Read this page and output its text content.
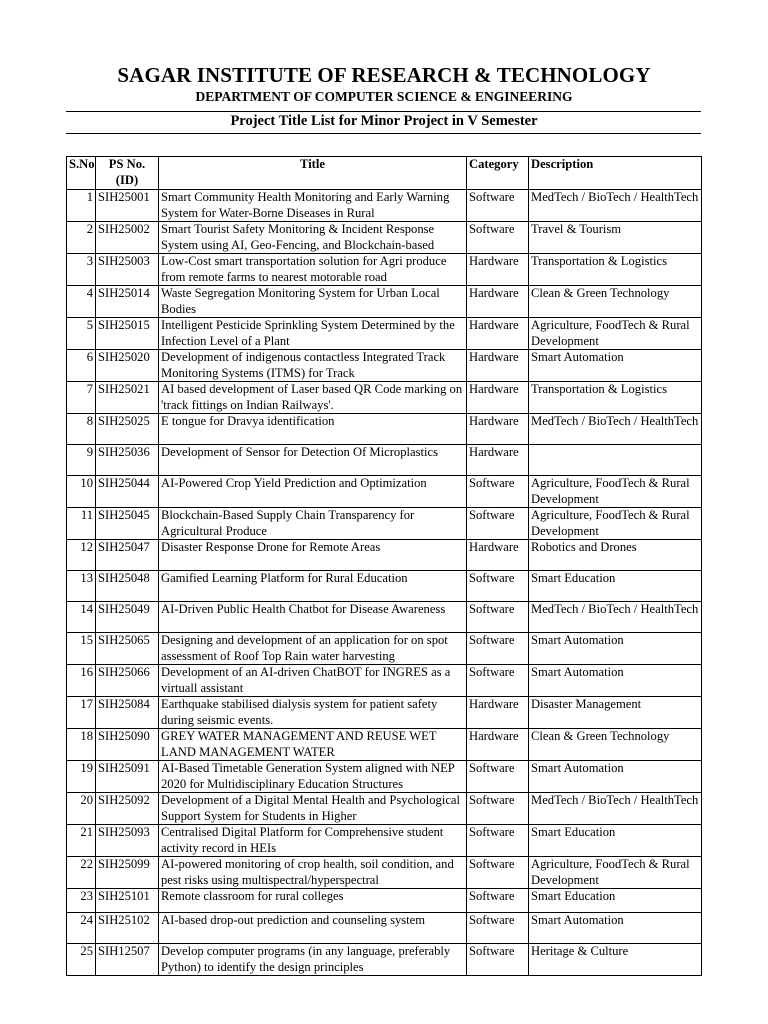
SAGAR INSTITUTE OF RESEARCH & TECHNOLOGY
DEPARTMENT OF COMPUTER SCIENCE & ENGINEERING
Project Title List for Minor Project in V Semester
S.No	PS No. (ID)	Title	Category	Description

1	SIH25001	Smart Community Health Monitoring and Early Warning System for Water-Borne Diseases in Rural	Software	MedTech / BioTech / HealthTech

2	SIH25002	Smart Tourist Safety Monitoring & Incident Response System using AI, Geo-Fencing, and Blockchain-based	Software	Travel & Tourism

3	SIH25003	Low-Cost smart transportation solution for Agri produce from remote farms to nearest motorable road	Hardware	Transportation & Logistics

4	SIH25014	Waste Segregation Monitoring System for Urban Local Bodies	Hardware	Clean & Green Technology

5	SIH25015	Intelligent Pesticide Sprinkling System Determined by the Infection Level of a Plant	Hardware	Agriculture, FoodTech & Rural Development

6	SIH25020	Development of indigenous contactless Integrated Track Monitoring Systems (ITMS) for Track	Hardware	Smart Automation

7	SIH25021	AI based development of Laser based QR Code marking on 'track fittings on Indian Railways'.	Hardware	Transportation & Logistics

8	SIH25025	E tongue for Dravya identification	Hardware	MedTech / BioTech / HealthTech

9	SIH25036	Development of Sensor for Detection Of Microplastics	Hardware	

10	SIH25044	AI-Powered Crop Yield Prediction and Optimization	Software	Agriculture, FoodTech & Rural Development

11	SIH25045	Blockchain-Based Supply Chain Transparency for Agricultural Produce	Software	Agriculture, FoodTech & Rural Development

12	SIH25047	Disaster Response Drone for Remote Areas	Hardware	Robotics and Drones

13	SIH25048	Gamified Learning Platform for Rural Education	Software	Smart Education

14	SIH25049	AI-Driven Public Health Chatbot for Disease Awareness	Software	MedTech / BioTech / HealthTech

15	SIH25065	Designing and development of an application for on spot assessment of Roof Top Rain water harvesting	Software	Smart Automation

16	SIH25066	Development of an AI-driven ChatBOT for INGRES as a virtuall assistant	Software	Smart Automation

17	SIH25084	Earthquake stabilised dialysis system for patient safety during seismic events.	Hardware	Disaster Management

18	SIH25090	GREY WATER MANAGEMENT AND REUSE WET LAND MANAGEMENT WATER	Hardware	Clean & Green Technology

19	SIH25091	AI-Based Timetable Generation System aligned with NEP 2020 for Multidisciplinary Education Structures	Software	Smart Automation

20	SIH25092	Development of a Digital Mental Health and Psychological Support System for Students in Higher	Software	MedTech / BioTech / HealthTech

21	SIH25093	Centralised Digital Platform for Comprehensive student activity record in HEIs	Software	Smart Education

22	SIH25099	AI-powered monitoring of crop health, soil condition, and pest risks using multispectral/hyperspectral	Software	Agriculture, FoodTech & Rural Development

23	SIH25101	Remote classroom for rural colleges	Software	Smart Education

24	SIH25102	AI-based drop-out prediction and counseling system	Software	Smart Automation

25	SIH12507	Develop computer programs (in any language, preferably Python) to identify the design principles	Software	Heritage & Culture
